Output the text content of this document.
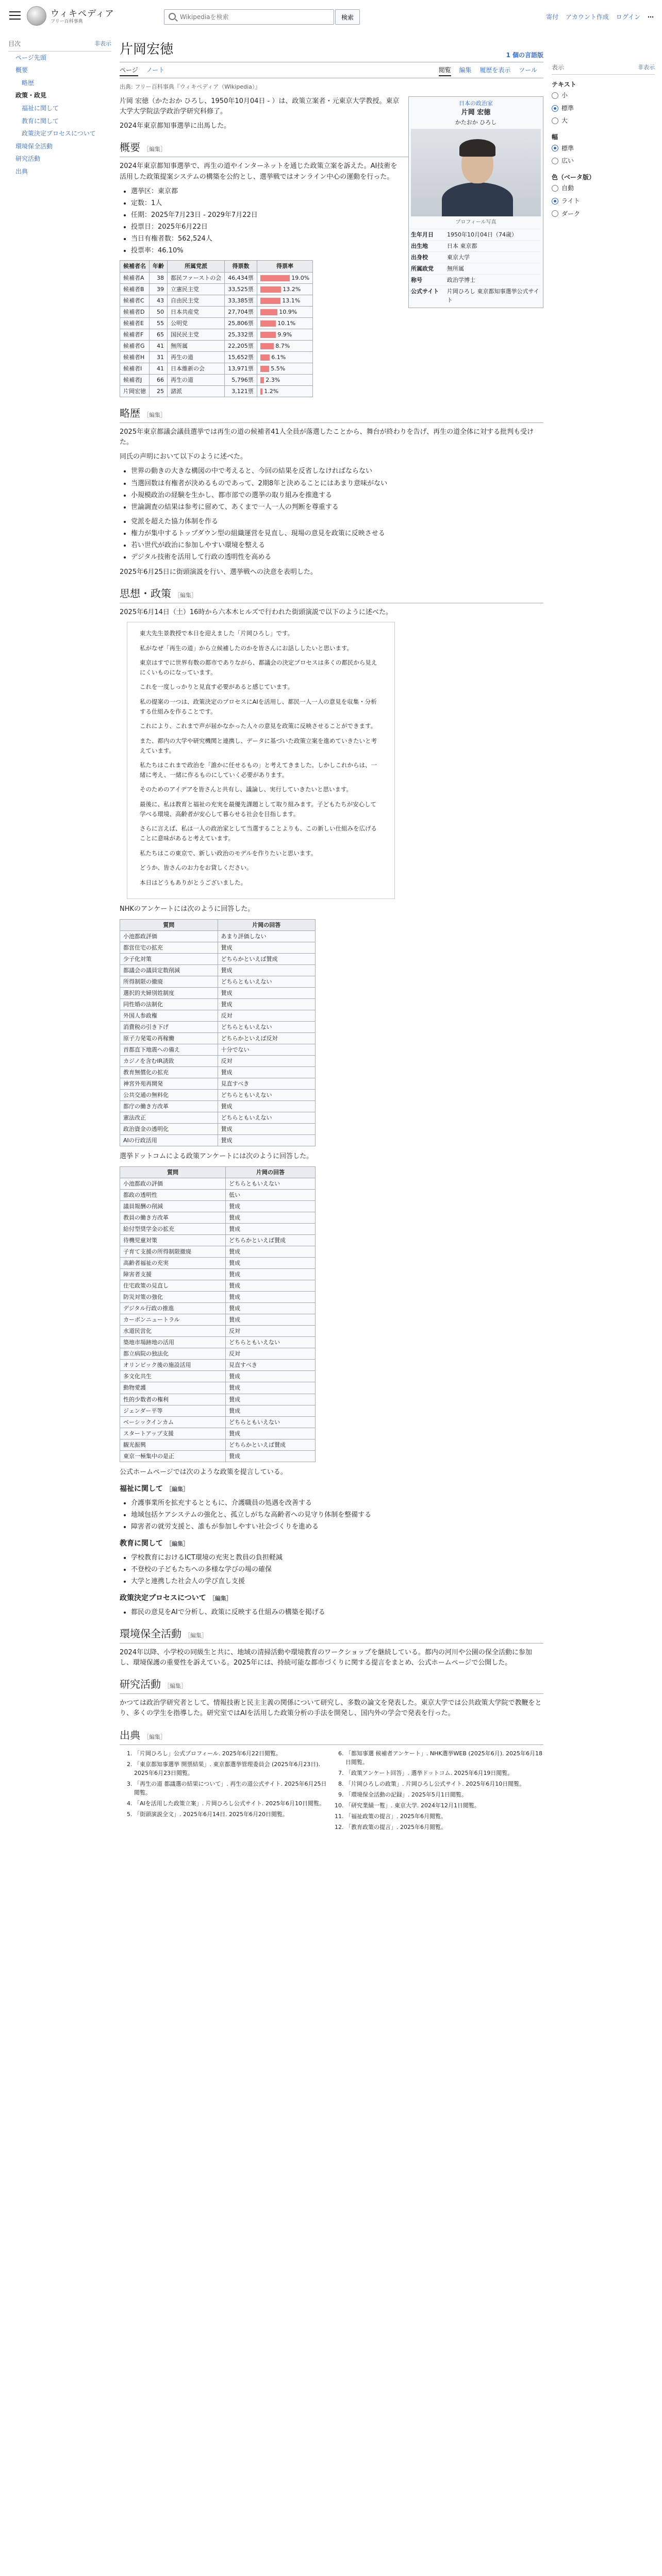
ウィキペディア
フリー百科事典
Wikipediaを検索
検索	寄付 アカウント作成 ログイン ⋯
目次	非表示
ページ先頭
概要
略歴
政策・政見
福祉に関して
教育に関して
政策決定プロセスについて
環境保全活動
研究活動
出典
片岡宏徳	1 個の言語版
ページ ノート	閲覧 編集 履歴を表示 ツール
出典: フリー百科事典『ウィキペディア（Wikipedia）』
日本の政治家
片岡 宏徳
かたおか ひろし
プロフィール写真
生年月日	1950年10月04日（74歳）
出生地	日本 東京都
出身校	東京大学
所属政党	無所属
称号	政治学博士
公式サイト	片岡ひろし 東京都知事選挙公式サイト

片岡 宏徳（かたおか ひろし、1950年10月04日 - ）は、政策立案者・元東京大学教授。東京大学大学院法学政治学研究科修了。

2024年東京都知事選挙に出馬した。

概要 ［編集］

2024年東京都知事選挙で、再生の道やインターネットを通じた政策立案を訴えた。AI技術を活用した政策提案システムの構築を公約とし、選挙戦ではオンライン中心の運動を行った。

• 選挙区：東京都
• 定数：1人
• 任期：2025年7月23日 - 2029年7月22日
• 投票日：2025年6月22日
• 当日有権者数：562,524人
• 投票率：46.10%
候補者名	年齢	所属党派	得票数	得票率
候補者A	38	都民ファーストの会	46,434票	19.0%
候補者B	39	立憲民主党	33,525票	13.2%
候補者C	43	自由民主党	33,385票	13.1%
候補者D	50	日本共産党	27,704票	10.9%
候補者E	55	公明党	25,806票	10.1%
候補者F	65	国民民主党	25,332票	9.9%
候補者G	41	無所属	22,205票	8.7%
候補者H	31	再生の道	15,652票	6.1%
候補者I	41	日本維新の会	13,971票	5.5%
候補者J	66	再生の道	5,796票	2.3%
片岡宏徳	25	諸派	3,121票	1.2%
略歴 ［編集］

2025年東京都議会議員選挙では再生の道の候補者41人全員が落選したことから、舞台が終わりを告げ、再生の道全体に対する批判も受けた。

同氏の声明において以下のように述べた。

• 世界の動きの大きな構図の中で考えると、今回の結果を反省しなければならない
• 当選回数は有権者が決めるものであって、2期8年と決めることにはあまり意味がない
• 小規模政治の経験を生かし、都市部での選挙の取り組みを推進する
• 世論調査の結果は参考に留めて、あくまで一人一人の判断を尊重する
• 党派を超えた協力体制を作る
• 権力が集中するトップダウン型の組織運営を見直し、現場の意見を政策に反映させる
• 若い世代が政治に参加しやすい環境を整える
• デジタル技術を活用して行政の透明性を高める

2025年6月25日に街頭演説を行い、選挙戦への決意を表明した。

思想・政策 ［編集］

2025年6月14日（土）16時から六本木ヒルズで行われた街頭演説で以下のように述べた。

東大先生景教授で本日を迎えました「片岡ひろし」です。

私がなぜ「再生の道」から立候補したのかを皆さんにお話ししたいと思います。

東京はすでに世界有数の都市でありながら、都議会の決定プロセスは多くの都民から見えにくいものになっています。

これを一度しっかりと見直す必要があると感じています。

私の提案の一つは、政策決定のプロセスにAIを活用し、都民一人一人の意見を収集・分析する仕組みを作ることです。

これにより、これまで声が届かなかった人々の意見を政策に反映させることができます。

また、都内の大学や研究機関と連携し、データに基づいた政策立案を進めていきたいと考えています。

私たちはこれまで政治を「誰かに任せるもの」と考えてきました。しかしこれからは、一緒に考え、一緒に作るものにしていく必要があります。

そのためのアイデアを皆さんと共有し、議論し、実行していきたいと思います。

最後に、私は教育と福祉の充実を最優先課題として取り組みます。子どもたちが安心して学べる環境、高齢者が安心して暮らせる社会を目指します。

さらに言えば、私は一人の政治家として当選することよりも、この新しい仕組みを広げることに意味があると考えています。

私たちはこの東京で、新しい政治のモデルを作りたいと思います。

どうか、皆さんのお力をお貸しください。

本日はどうもありがとうございました。

NHKのアンケートには次のように回答した。

質問	片岡の回答
小池都政評価	あまり評価しない
都営住宅の拡充	賛成
少子化対策	どちらかといえば賛成
都議会の議員定数削減	賛成
所得制限の撤廃	どちらともいえない
選択的夫婦別姓制度	賛成
同性婚の法制化	賛成
外国人参政権	反対
消費税の引き下げ	どちらともいえない
原子力発電の再稼働	どちらかといえば反対
首都直下地震への備え	十分でない
カジノを含むIR誘致	反対
教育無償化の拡充	賛成
神宮外苑再開発	見直すべき
公共交通の無料化	どちらともいえない
都庁の働き方改革	賛成
憲法改正	どちらともいえない
政治資金の透明化	賛成
AIの行政活用	賛成

選挙ドットコムによる政策アンケートには次のように回答した。

質問	片岡の回答
小池都政の評価	どちらともいえない
都政の透明性	低い
議員報酬の削減	賛成
教員の働き方改革	賛成
給付型奨学金の拡充	賛成
待機児童対策	どちらかといえば賛成
子育て支援の所得制限撤廃	賛成
高齢者福祉の充実	賛成
障害者支援	賛成
住宅政策の見直し	賛成
防災対策の強化	賛成
デジタル行政の推進	賛成
カーボンニュートラル	賛成
水道民営化	反対
築地市場跡地の活用	どちらともいえない
都立病院の独法化	反対
オリンピック後の施設活用	見直すべき
多文化共生	賛成
動物愛護	賛成
性的少数者の権利	賛成
ジェンダー平等	賛成
ベーシックインカム	どちらともいえない
スタートアップ支援	賛成
観光振興	どちらかといえば賛成
東京一極集中の是正	賛成

公式ホームページでは次のような政策を提言している。

福祉に関して ［編集］
• 介護事業所を拡充するとともに、介護職員の処遇を改善する
• 地域包括ケアシステムの強化と、孤立しがちな高齢者への見守り体制を整備する
• 障害者の就労支援と、誰もが参加しやすい社会づくりを進める
教育に関して ［編集］
• 学校教育におけるICT環境の充実と教員の負担軽減
• 不登校の子どもたちへの多様な学びの場の確保
• 大学と連携した社会人の学び直し支援
政策決定プロセスについて ［編集］
• 都民の意見をAIで分析し、政策に反映する仕組みの構築を掲げる
環境保全活動 ［編集］

2024年以降、小学校の同級生と共に、地域の清掃活動や環境教育のワークショップを継続している。都内の河川や公園の保全活動に参加し、環境保護の重要性を訴えている。2025年には、持続可能な都市づくりに関する提言をまとめ、公式ホームページで公開した。

研究活動 ［編集］

かつては政治学研究者として、情報技術と民主主義の関係について研究し、多数の論文を発表した。東京大学では公共政策大学院で教鞭をとり、多くの学生を指導した。研究室ではAIを活用した政策分析の手法を開発し、国内外の学会で発表を行った。

出典 ［編集］
1. 「片岡ひろし」公式プロフィール. 2025年6月22日閲覧。
2. 「東京都知事選挙 開票結果」. 東京都選挙管理委員会 (2025年6月23日). 2025年6月23日閲覧。
3. 「再生の道 都議選の結果について」. 再生の道公式サイト. 2025年6月25日閲覧。
4. 「AIを活用した政策立案」. 片岡ひろし公式サイト. 2025年6月10日閲覧。
5. 「街頭演説全文」. 2025年6月14日. 2025年6月20日閲覧。
6. 「都知事選 候補者アンケート」. NHK選挙WEB (2025年6月). 2025年6月18日閲覧。
7. 「政策アンケート回答」. 選挙ドットコム. 2025年6月19日閲覧。
8. 「片岡ひろしの政策」. 片岡ひろし公式サイト. 2025年6月10日閲覧。
9. 「環境保全活動の記録」. 2025年5月1日閲覧。
10. 「研究業績一覧」. 東京大学. 2024年12月1日閲覧。
11. 「福祉政策の提言」. 2025年6月閲覧。
12. 「教育政策の提言」. 2025年6月閲覧。
表示	非表示
テキスト
小
標準
大
幅
標準
広い
色（ベータ版）
自動
ライト
ダーク
